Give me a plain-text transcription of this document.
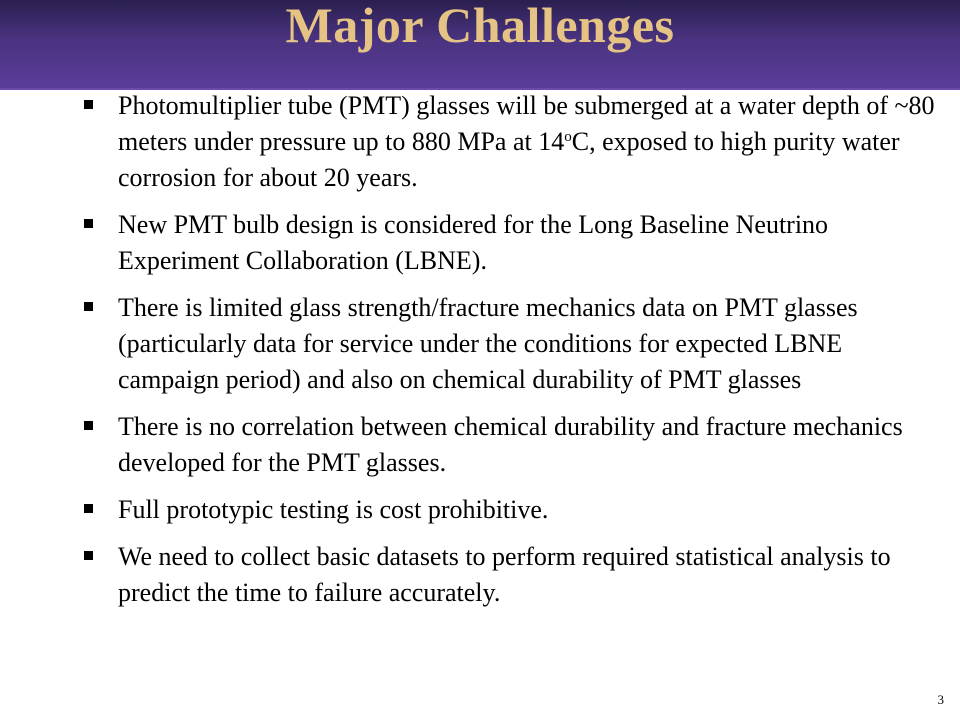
Major Challenges
Photomultiplier tube (PMT) glasses will be submerged at a water depth of ~80 meters under pressure up to 880 MPa at 14$^o$C, exposed to high purity water corrosion for about 20 years.
New PMT bulb design is considered for the Long Baseline Neutrino Experiment Collaboration (LBNE).
There is limited glass strength/fracture mechanics data on PMT glasses (particularly data for service under the conditions for expected LBNE campaign period) and also on chemical durability of PMT glasses
There is no correlation between chemical durability and fracture mechanics developed for the PMT glasses.
Full prototypic testing is cost prohibitive.
We need to collect basic datasets to perform required statistical analysis to predict the time to failure accurately.
3
